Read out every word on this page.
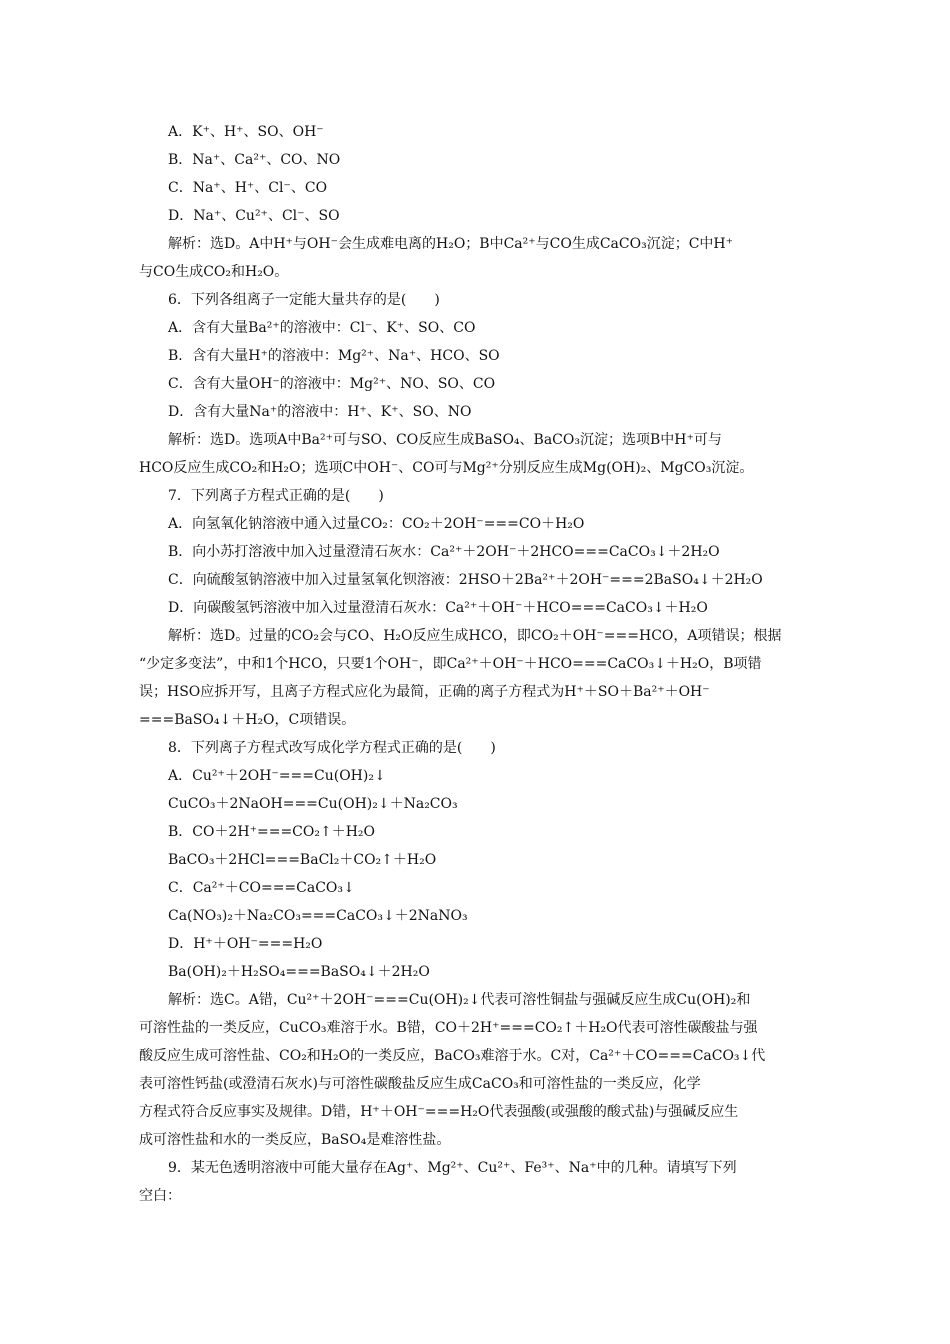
A．K⁺、H⁺、SO、OH⁻
B．Na⁺、Ca²⁺、CO、NO
C．Na⁺、H⁺、Cl⁻、CO
D．Na⁺、Cu²⁺、Cl⁻、SO
解析：选D。A中H⁺与OH⁻会生成难电离的H₂O；B中Ca²⁺与CO生成CaCO₃沉淀；C中H⁺
与CO生成CO₂和H₂O。
6．下列各组离子一定能大量共存的是(　　)
A．含有大量Ba²⁺的溶液中：Cl⁻、K⁺、SO、CO
B．含有大量H⁺的溶液中：Mg²⁺、Na⁺、HCO、SO
C．含有大量OH⁻的溶液中：Mg²⁺、NO、SO、CO
D．含有大量Na⁺的溶液中：H⁺、K⁺、SO、NO
解析：选D。选项A中Ba²⁺可与SO、CO反应生成BaSO₄、BaCO₃沉淀；选项B中H⁺可与
HCO反应生成CO₂和H₂O；选项C中OH⁻、CO可与Mg²⁺分别反应生成Mg(OH)₂、MgCO₃沉淀。
7．下列离子方程式正确的是(　　)
A．向氢氧化钠溶液中通入过量CO₂：CO₂＋2OH⁻===CO＋H₂O
B．向小苏打溶液中加入过量澄清石灰水：Ca²⁺＋2OH⁻＋2HCO===CaCO₃↓＋2H₂O
C．向硫酸氢钠溶液中加入过量氢氧化钡溶液：2HSO＋2Ba²⁺＋2OH⁻===2BaSO₄↓＋2H₂O
D．向碳酸氢钙溶液中加入过量澄清石灰水：Ca²⁺＋OH⁻＋HCO===CaCO₃↓＋H₂O
解析：选D。过量的CO₂会与CO、H₂O反应生成HCO，即CO₂＋OH⁻===HCO，A项错误；根据
“少定多变法”，中和1个HCO，只要1个OH⁻，即Ca²⁺＋OH⁻＋HCO===CaCO₃↓＋H₂O，B项错
误；HSO应拆开写，且离子方程式应化为最简，正确的离子方程式为H⁺＋SO＋Ba²⁺＋OH⁻
===BaSO₄↓＋H₂O，C项错误。
8．下列离子方程式改写成化学方程式正确的是(　　)
A．Cu²⁺＋2OH⁻===Cu(OH)₂↓
CuCO₃＋2NaOH===Cu(OH)₂↓＋Na₂CO₃
B．CO＋2H⁺===CO₂↑＋H₂O
BaCO₃＋2HCl===BaCl₂＋CO₂↑＋H₂O
C．Ca²⁺＋CO===CaCO₃↓
Ca(NO₃)₂＋Na₂CO₃===CaCO₃↓＋2NaNO₃
D．H⁺＋OH⁻===H₂O
Ba(OH)₂＋H₂SO₄===BaSO₄↓＋2H₂O
解析：选C。A错，Cu²⁺＋2OH⁻===Cu(OH)₂↓代表可溶性铜盐与强碱反应生成Cu(OH)₂和
可溶性盐的一类反应，CuCO₃难溶于水。B错，CO＋2H⁺===CO₂↑＋H₂O代表可溶性碳酸盐与强
酸反应生成可溶性盐、CO₂和H₂O的一类反应，BaCO₃难溶于水。C对，Ca²⁺＋CO===CaCO₃↓代
表可溶性钙盐(或澄清石灰水)与可溶性碳酸盐反应生成CaCO₃和可溶性盐的一类反应，化学
方程式符合反应事实及规律。D错，H⁺＋OH⁻===H₂O代表强酸(或强酸的酸式盐)与强碱反应生
成可溶性盐和水的一类反应，BaSO₄是难溶性盐。
9．某无色透明溶液中可能大量存在Ag⁺、Mg²⁺、Cu²⁺、Fe³⁺、Na⁺中的几种。请填写下列
空白：
